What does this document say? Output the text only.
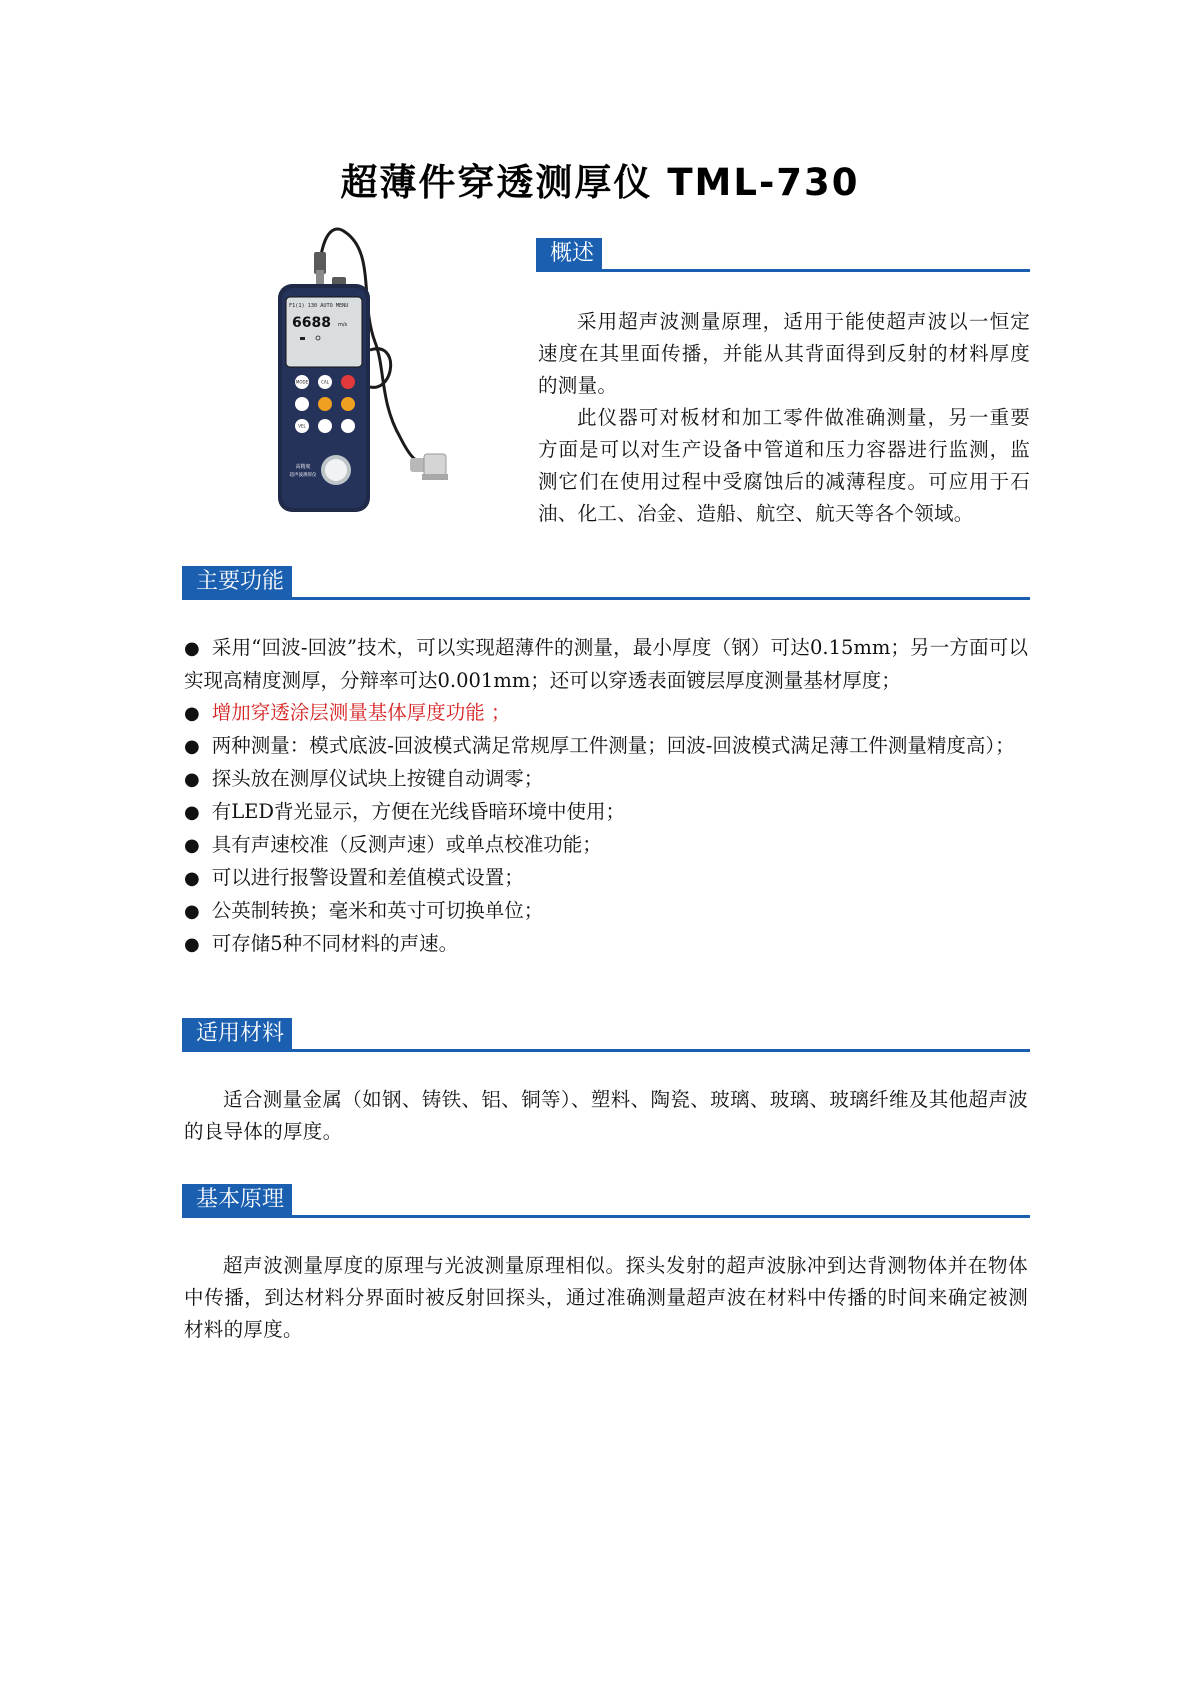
超薄件穿透测厚仪 TML-730
F1(1) 130 AUTO MENU
6688 m/s
MODE	CAL
VEL
高精度
超声波测厚仪
概述

采用超声波测量原理，适用于能使超声波以一恒定速度在其里面传播，并能从其背面得到反射的材料厚度的测量。

此仪器可对板材和加工零件做准确测量，另一重要方面是可以对生产设备中管道和压力容器进行监测，监测它们在使用过程中受腐蚀后的减薄程度。可应用于石油、化工、冶金、造船、航空、航天等各个领域。

主要功能
● 采用“回波-回波”技术，可以实现超薄件的测量，最小厚度（钢）可达0.15mm；另一方面可以实现高精度测厚，分辩率可达0.001mm；还可以穿透表面镀层厚度测量基材厚度；
● 增加穿透涂层测量基体厚度功能 ；
● 两种测量：模式底波-回波模式满足常规厚工件测量；回波-回波模式满足薄工件测量精度高）；
● 探头放在测厚仪试块上按键自动调零；
● 有LED背光显示，方便在光线昏暗环境中使用；
● 具有声速校准（反测声速）或单点校准功能；
● 可以进行报警设置和差值模式设置；
● 公英制转换；毫米和英寸可切换单位；
● 可存储5种不同材料的声速。
适用材料

适合测量金属（如钢、铸铁、铝、铜等）、塑料、陶瓷、玻璃、玻璃、玻璃纤维及其他超声波的良导体的厚度。

基本原理

超声波测量厚度的原理与光波测量原理相似。探头发射的超声波脉冲到达背测物体并在物体中传播，到达材料分界面时被反射回探头，通过准确测量超声波在材料中传播的时间来确定被测材料的厚度。
